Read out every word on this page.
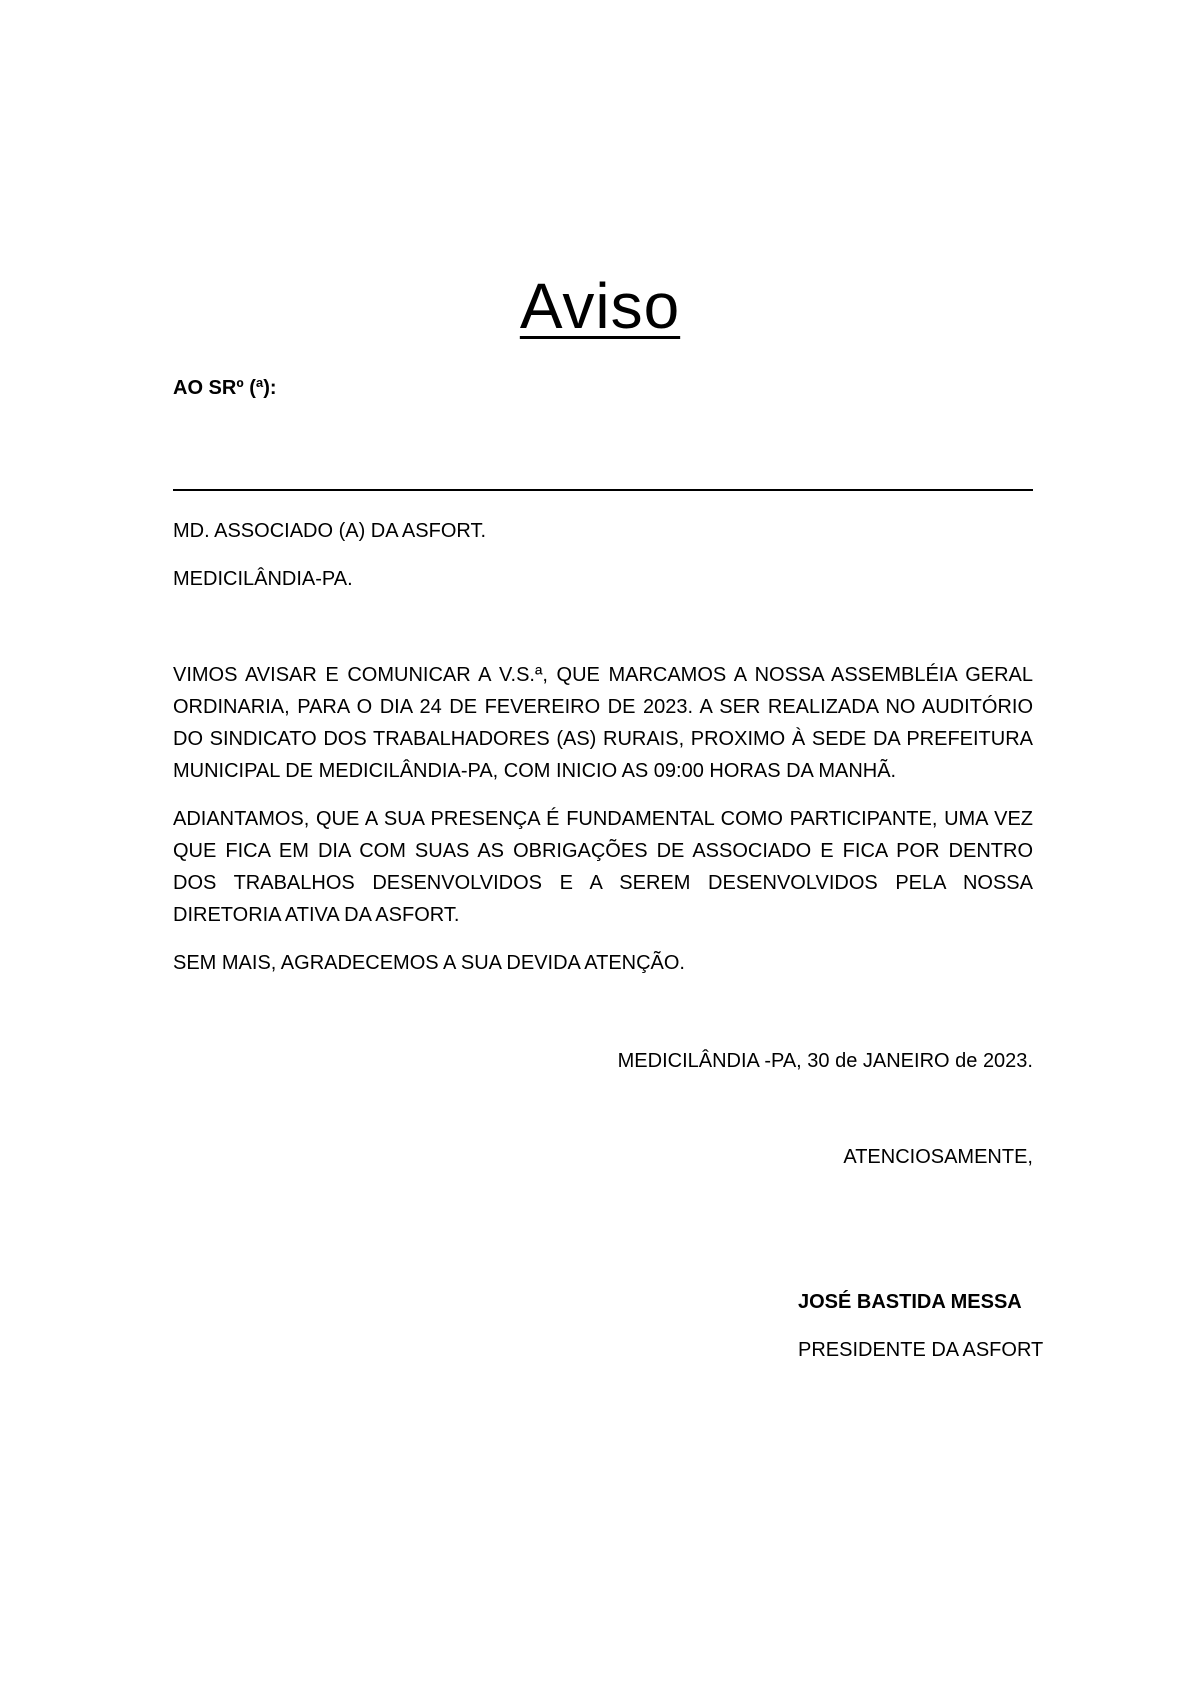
Aviso
AO SRº (ª):
MD. ASSOCIADO (A) DA ASFORT.
MEDICILÂNDIA-PA.

VIMOS AVISAR E COMUNICAR A V.S.ª, QUE MARCAMOS A NOSSA ASSEMBLÉIA GERAL ORDINARIA, PARA O DIA 24 DE FEVEREIRO DE 2023. A SER REALIZADA NO AUDITÓRIO DO SINDICATO DOS TRABALHADORES (AS) RURAIS, PROXIMO À SEDE DA PREFEITURA MUNICIPAL DE MEDICILÂNDIA-PA, COM INICIO AS 09:00 HORAS DA MANHÃ.

ADIANTAMOS, QUE A SUA PRESENÇA É FUNDAMENTAL COMO PARTICIPANTE, UMA VEZ QUE FICA EM DIA COM SUAS AS OBRIGAÇÕES DE ASSOCIADO E FICA POR DENTRO DOS TRABALHOS DESENVOLVIDOS E A SEREM DESENVOLVIDOS PELA NOSSA DIRETORIA ATIVA DA ASFORT.

SEM MAIS, AGRADECEMOS A SUA DEVIDA ATENÇÃO.

MEDICILÂNDIA -PA, 30 de JANEIRO de 2023.
ATENCIOSAMENTE,
JOSÉ BASTIDA MESSA
PRESIDENTE DA ASFORT
